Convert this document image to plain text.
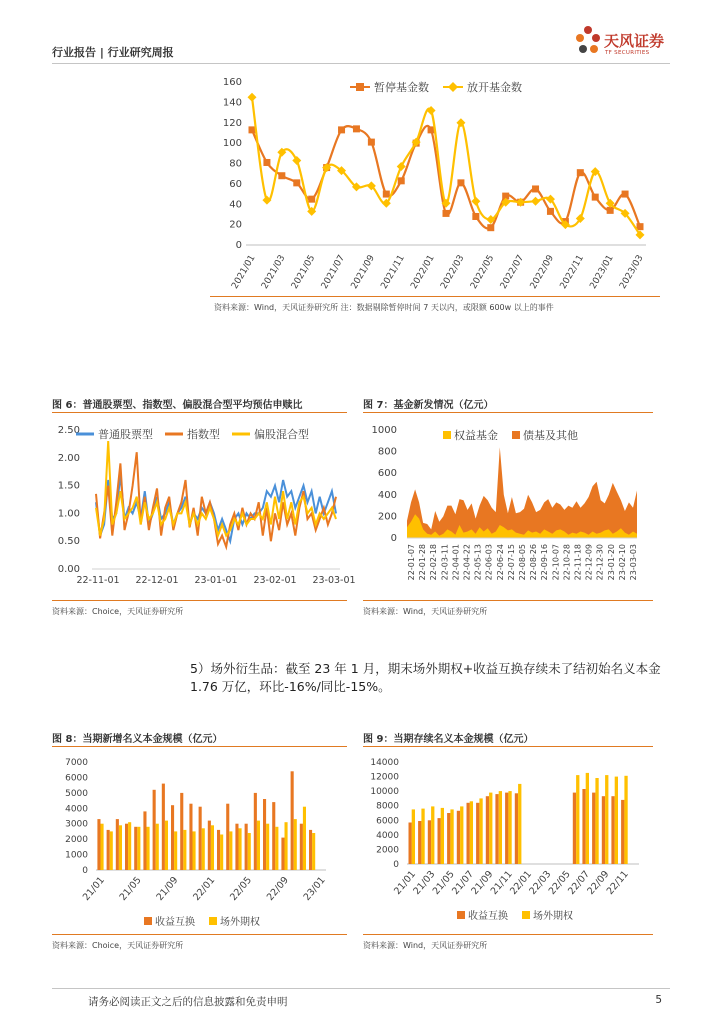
行业报告 | 行业研究周报
天风证券
TF SECURITIES
0
20
40
60
80
100
120
140
160
2021/01 2021/03 2021/05 2021/07 2021/09 2021/11 2022/01 2022/03 2022/05 2022/07 2022/09 2022/11 2023/01 2023/03
暂停基金数	放开基金数
资料来源：Wind，天风证券研究所 注：数据剔除暂停时间 7 天以内，或限额 600w 以上的事件
图 6：普通股票型、指数型、偏股混合型平均预估申赎比
0.00
0.50
1.00
1.50
2.00
2.50
22-11-01 22-12-01 23-01-01 23-02-01 23-03-01
普通股票型	指数型	偏股混合型
资料来源：Choice，天风证券研究所
图 7：基金新发情况（亿元）
0
200
400
600
800
1000
22-01-07 22-01-28 22-02-18 22-03-11 22-04-01 22-04-22 22-05-13 22-06-03 22-06-24 22-07-15 22-08-05 22-08-26 22-09-16 22-10-07 22-10-28 22-11-18 22-12-09 22-12-30 23-01-20 23-02-10 23-03-03
权益基金 债基及其他
资料来源：Wind，天风证券研究所
5）场外衍生品：截至 23 年 1 月，期末场外期权+收益互换存续未了结初始名义本金 1.76 万亿，环比-16%/同比-15%。
图 8：当期新增名义本金规模（亿元）
0
1000
2000
3000
4000
5000
6000
7000
21/01 21/05 21/09 22/01 22/05 22/09 23/01
收益互换	场外期权
资料来源：Choice，天风证券研究所
图 9：当期存续名义本金规模（亿元）
0
2000
4000
6000
8000
10000
12000
14000
21/01
21/03
21/05
21/07
21/09
21/11
22/01
22/03
22/05
22/07
22/09
22/11
收益互换	场外期权
资料来源：Wind，天风证券研究所
请务必阅读正文之后的信息披露和免责申明	5
